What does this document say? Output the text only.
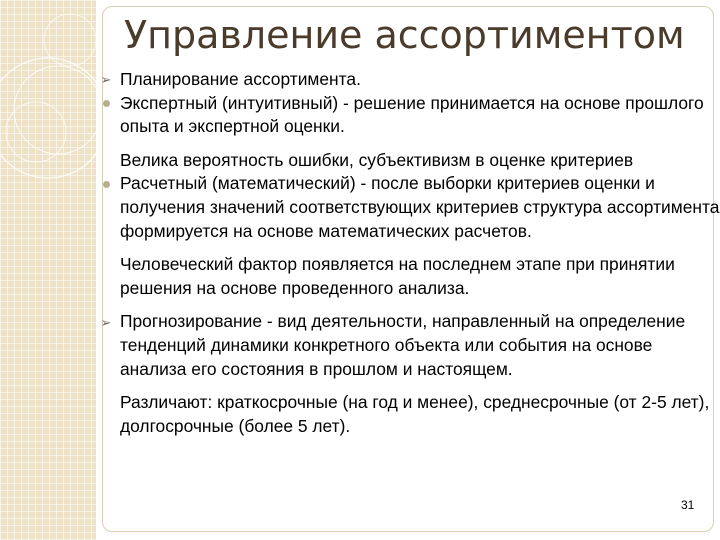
Управление ассортиментом
➢ Планирование ассортимента.
Экспертный (интуитивный) - решение принимается на основе прошлого опыта и экспертной оценки.
Велика вероятность ошибки, субъективизм в оценке критериев
Расчетный (математический) - после выборки критериев оценки и получения значений соответствующих критериев структура ассортимента формируется на основе математических расчетов.
Человеческий фактор появляется на последнем этапе при принятии решения на основе проведенного анализа.
➢ Прогнозирование - вид деятельности, направленный на определение тенденций динамики конкретного объекта или события на основе анализа его состояния в прошлом и настоящем.
Различают: краткосрочные (на год и менее), среднесрочные (от 2-5 лет), долгосрочные (более 5 лет).
31
